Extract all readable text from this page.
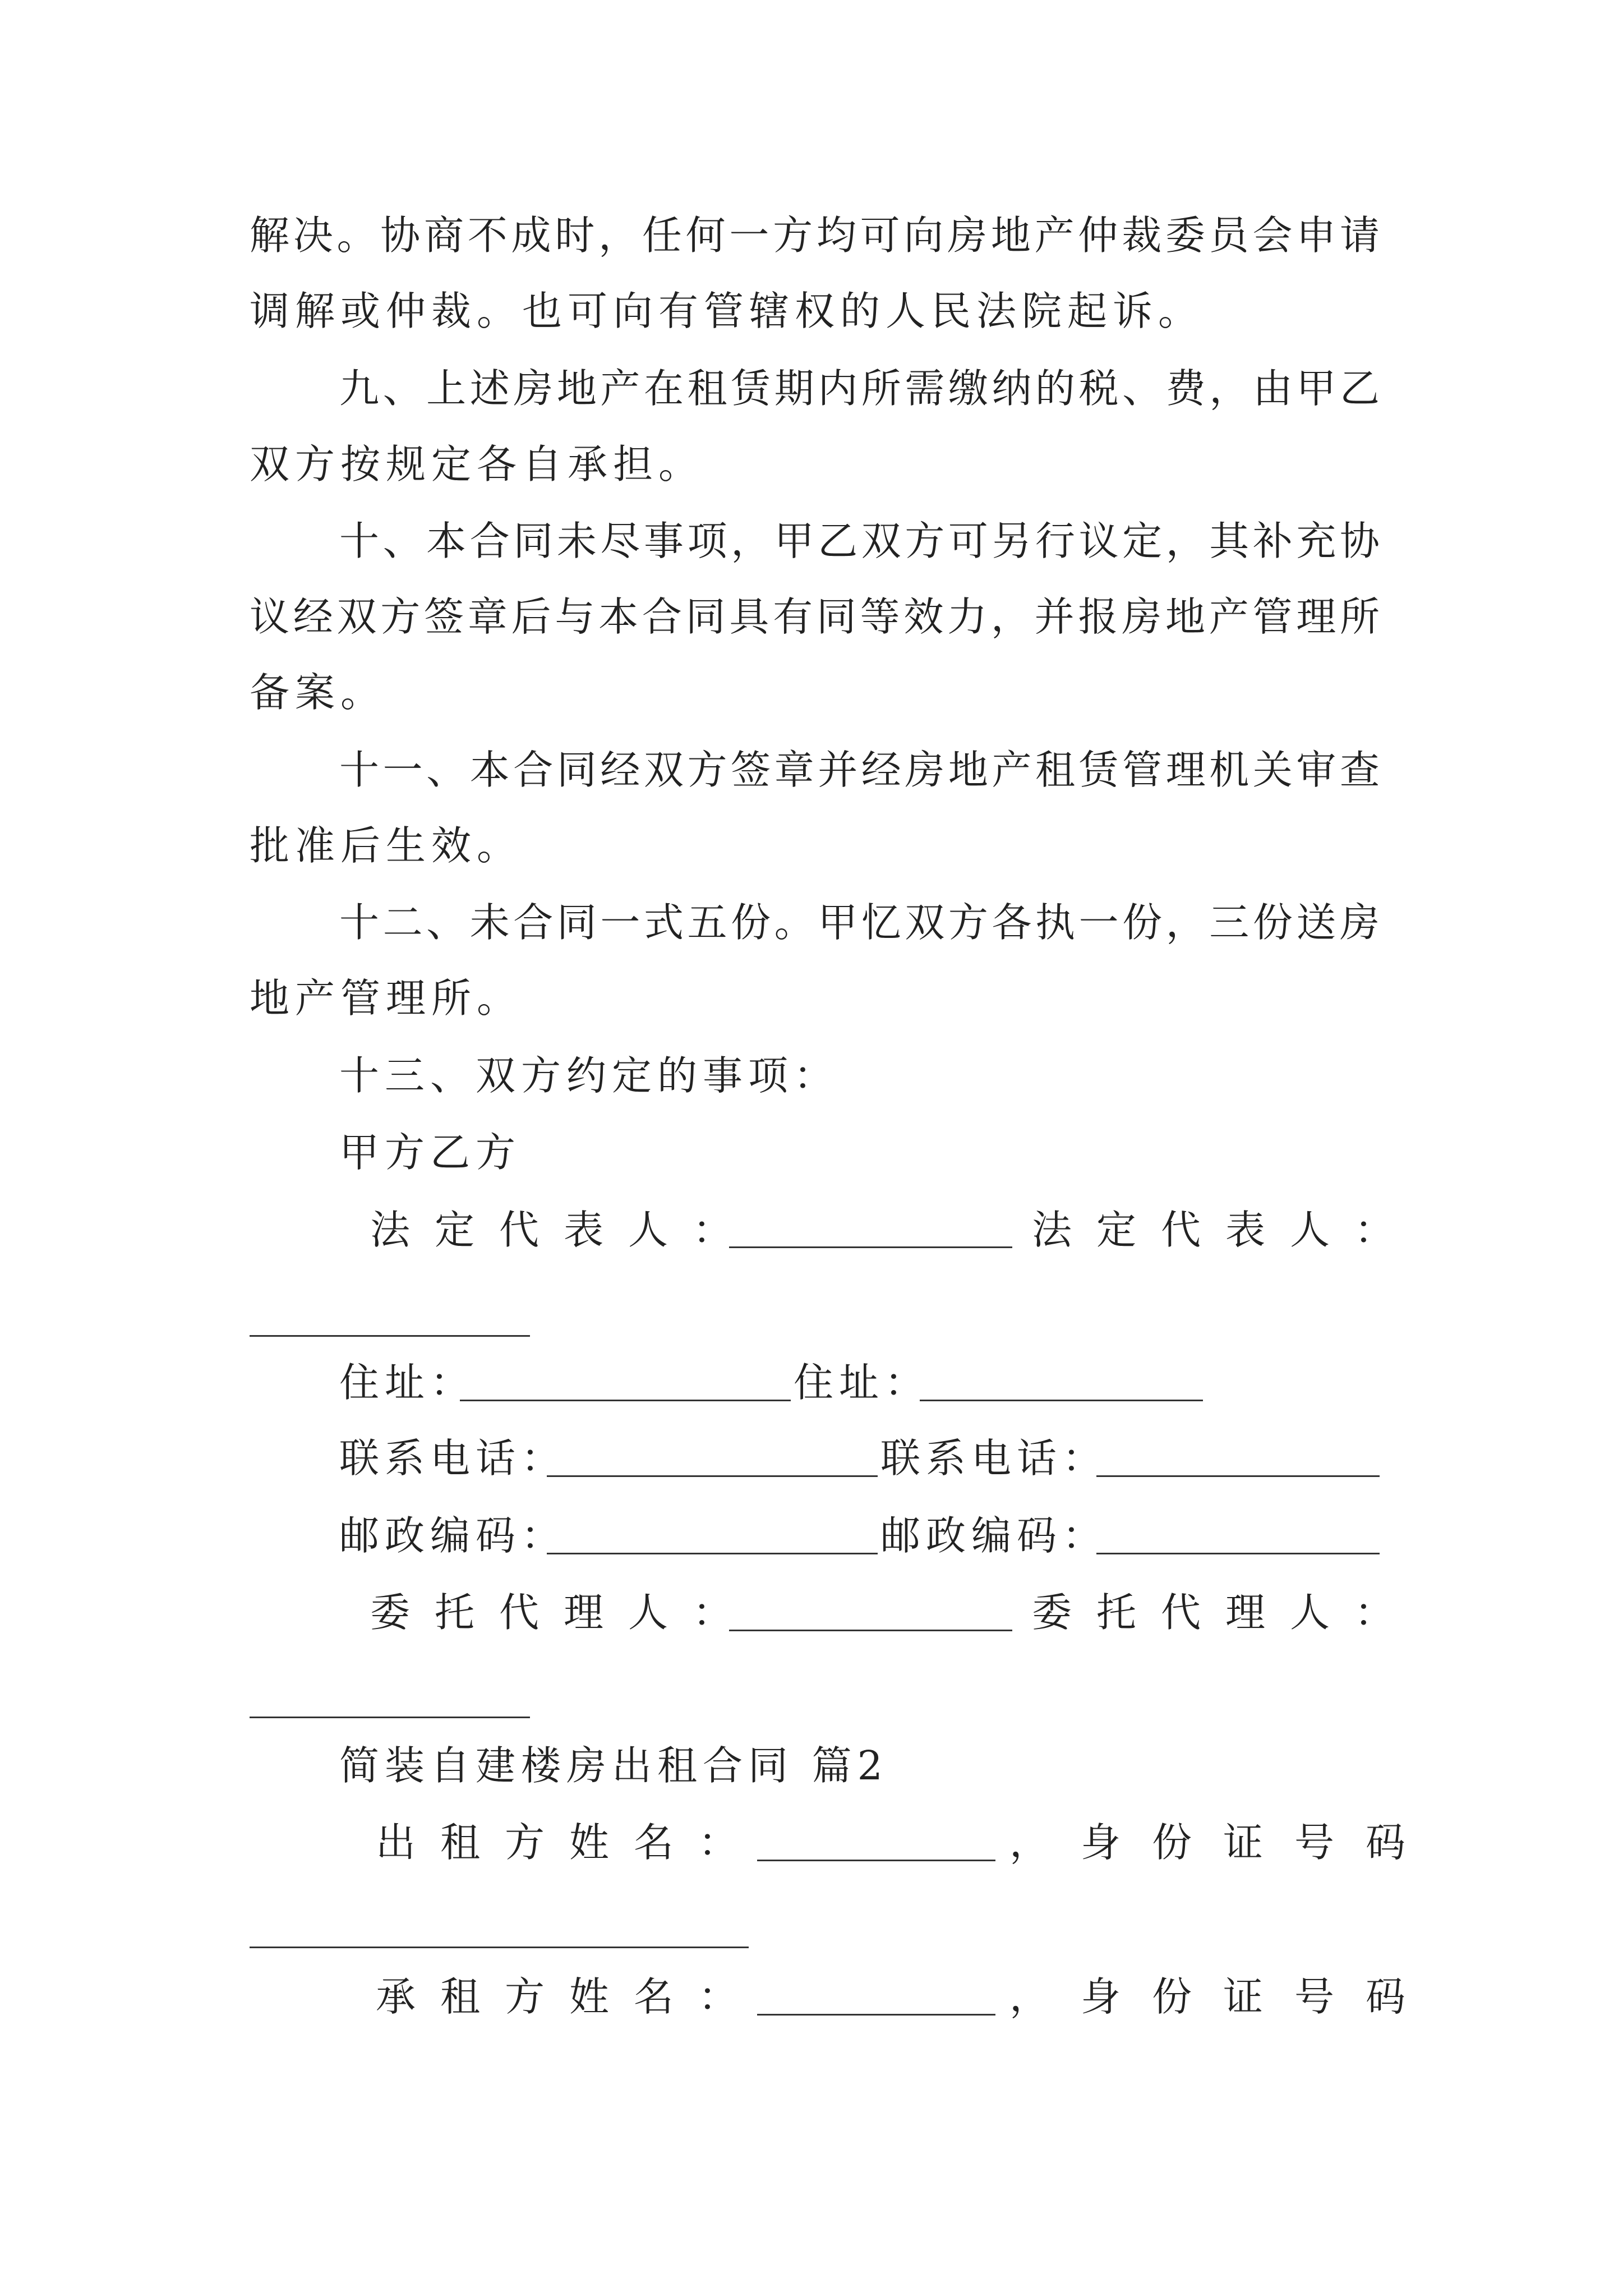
解决。协商不成时，任何一方均可向房地产仲裁委员会申请
调解或仲裁。也可向有管辖权的人民法院起诉。
九、上述房地产在租赁期内所需缴纳的税、费，由甲乙
双方按规定各自承担。
十、本合同未尽事项，甲乙双方可另行议定，其补充协
议经双方签章后与本合同具有同等效力，并报房地产管理所
备案。
十一、本合同经双方签章并经房地产租赁管理机关审查
批准后生效。
十二、未合同一式五份。甲忆双方各执一份，三份送房
地产管理所。
十三、双方约定的事项：
甲方乙方
法定代表人：	法定代表人：
住址：	住址：
联系电话：	联系电话：
邮政编码：	邮政编码：
委托代理人：	委托代理人：
简装自建楼房出租合同 篇2
出租方姓名：	，身份证号码
承租方姓名：	，身份证号码
